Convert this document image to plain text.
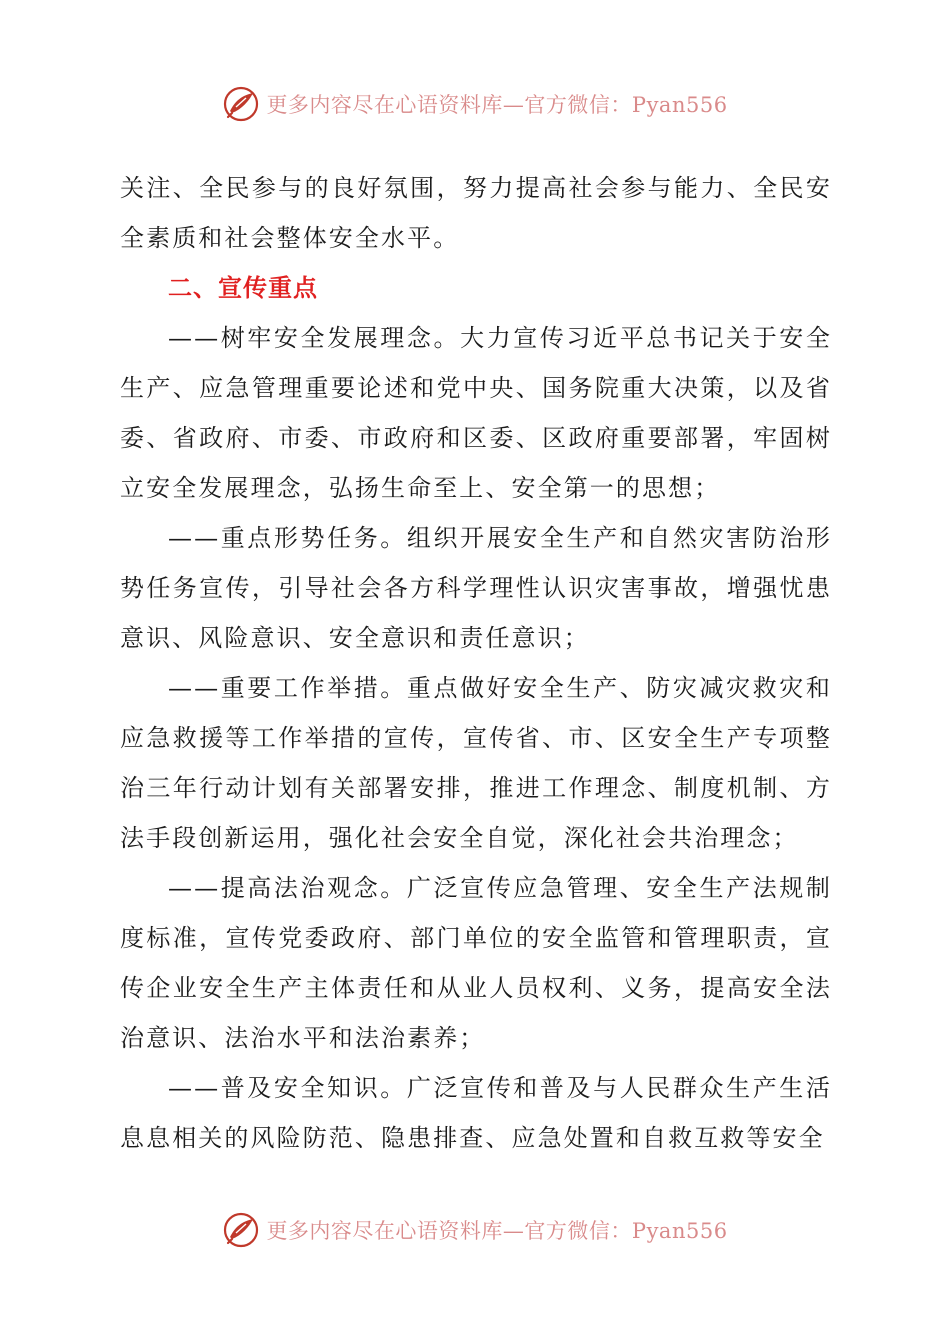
更多内容尽在心语资料库—官方微信：Pyan556

关注、全民参与的良好氛围，努力提高社会参与能力、全民安全素质和社会整体安全水平。

二、宣传重点

——树牢安全发展理念。大力宣传习近平总书记关于安全生产、应急管理重要论述和党中央、国务院重大决策，以及省委、省政府、市委、市政府和区委、区政府重要部署，牢固树立安全发展理念，弘扬生命至上、安全第一的思想；

——重点形势任务。组织开展安全生产和自然灾害防治形势任务宣传，引导社会各方科学理性认识灾害事故，增强忧患意识、风险意识、安全意识和责任意识；

——重要工作举措。重点做好安全生产、防灾减灾救灾和应急救援等工作举措的宣传，宣传省、市、区安全生产专项整治三年行动计划有关部署安排，推进工作理念、制度机制、方法手段创新运用，强化社会安全自觉，深化社会共治理念；

——提高法治观念。广泛宣传应急管理、安全生产法规制度标准，宣传党委政府、部门单位的安全监管和管理职责，宣传企业安全生产主体责任和从业人员权利、义务，提高安全法治意识、法治水平和法治素养；

——普及安全知识。广泛宣传和普及与人民群众生产生活息息相关的风险防范、隐患排查、应急处置和自救互救等安全

更多内容尽在心语资料库—官方微信：Pyan556
